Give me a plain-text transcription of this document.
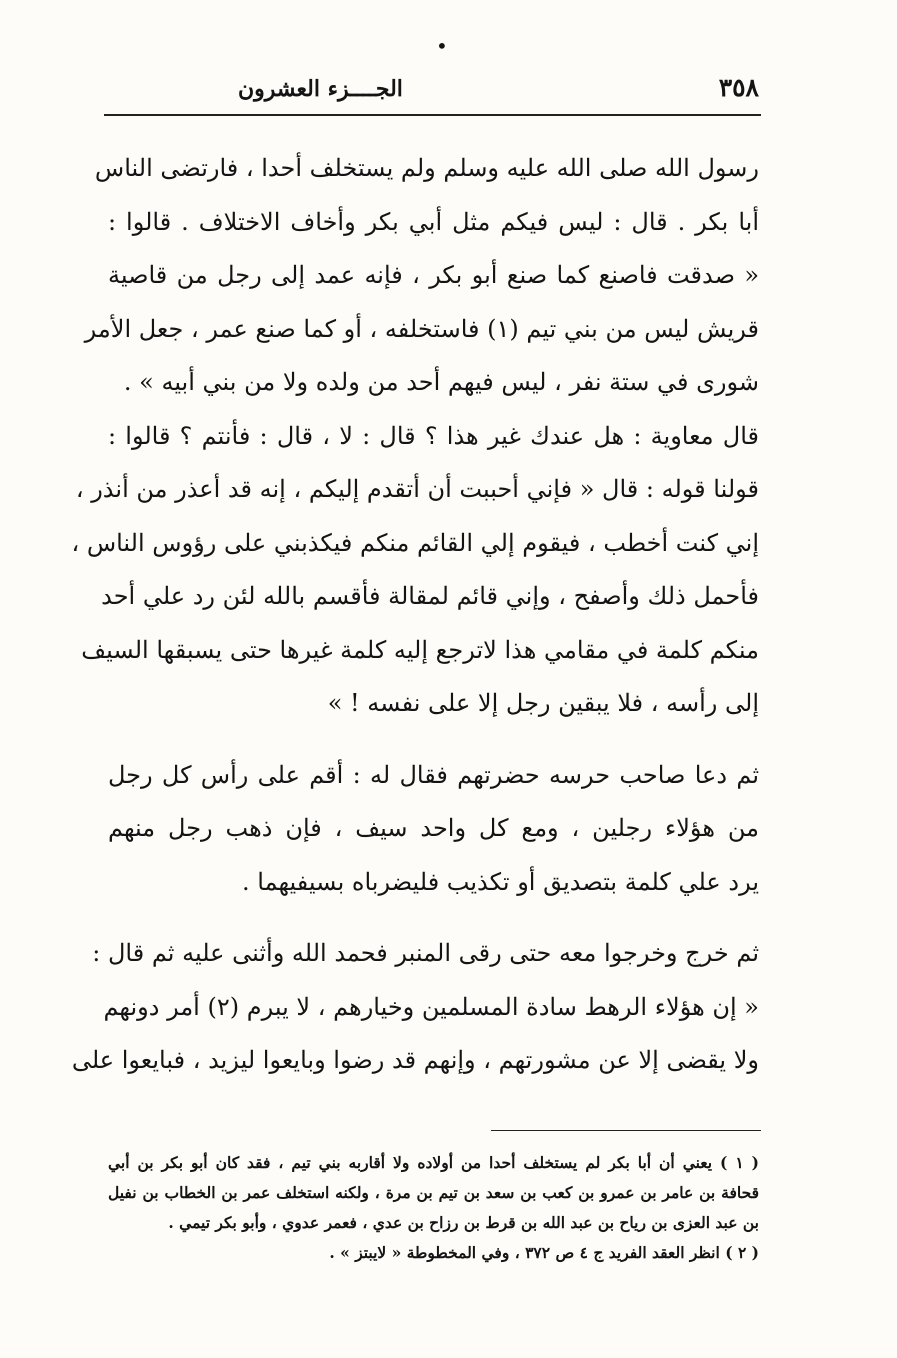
٣٥٨
الجــــزء العشرون
•

رسول الله صلى الله عليه وسلم ولم يستخلف أحدا ، فارتضى الناس

أبا بكر . قال : ليس فيكم مثل أبي بكر وأخاف الاختلاف . قالوا :

« صدقت فاصنع كما صنع أبو بكر ، فإنه عمد إلى رجل من قاصية

قريش ليس من بني تيم (١) فاستخلفه ، أو كما صنع عمر ، جعل الأمر

شورى في ستة نفر ، ليس فيهم أحد من ولده ولا من بني أبيه » .

قال معاوية : هل عندك غير هذا ؟ قال : لا ، قال : فأنتم ؟ قالوا :

قولنا قوله : قال « فإني أحببت أن أتقدم إليكم ، إنه قد أعذر من أنذر ،

إني كنت أخطب ، فيقوم إلي القائم منكم فيكذبني على رؤوس الناس ،

فأحمل ذلك وأصفح ، وإني قائم لمقالة فأقسم بالله لئن رد علي أحد

منكم كلمة في مقامي هذا لاترجع إليه كلمة غيرها حتى يسبقها السيف

إلى رأسه ، فلا يبقين رجل إلا على نفسه ! »

ثم دعا صاحب حرسه حضرتهم فقال له : أقم على رأس كل رجل

من هؤلاء رجلين ، ومع كل واحد سيف ، فإن ذهب رجل منهم

يرد علي كلمة بتصديق أو تكذيب فليضرباه بسيفيهما .

ثم خرج وخرجوا معه حتى رقى المنبر فحمد الله وأثنى عليه ثم قال :

« إن هؤلاء الرهط سادة المسلمين وخيارهم ، لا يبرم (٢) أمر دونهم

ولا يقضى إلا عن مشورتهم ، وإنهم قد رضوا وبايعوا ليزيد ، فبايعوا على

( ١ ) يعني أن أبا بكر لم يستخلف أحدا من أولاده ولا أقاربه بني تيم ، فقد كان أبو بكر بن أبي

قحافة بن عامر بن عمرو بن كعب بن سعد بن تيم بن مرة ، ولكنه استخلف عمر بن الخطاب بن نفيل

بن عبد العزى بن رياح بن عبد الله بن قرط بن رزاح بن عدي ، فعمر عدوي ، وأبو بكر تيمي .

( ٢ ) انظر العقد الفريد ج ٤ ص ٣٧٢ ، وفي المخطوطة « لايبتز » .
